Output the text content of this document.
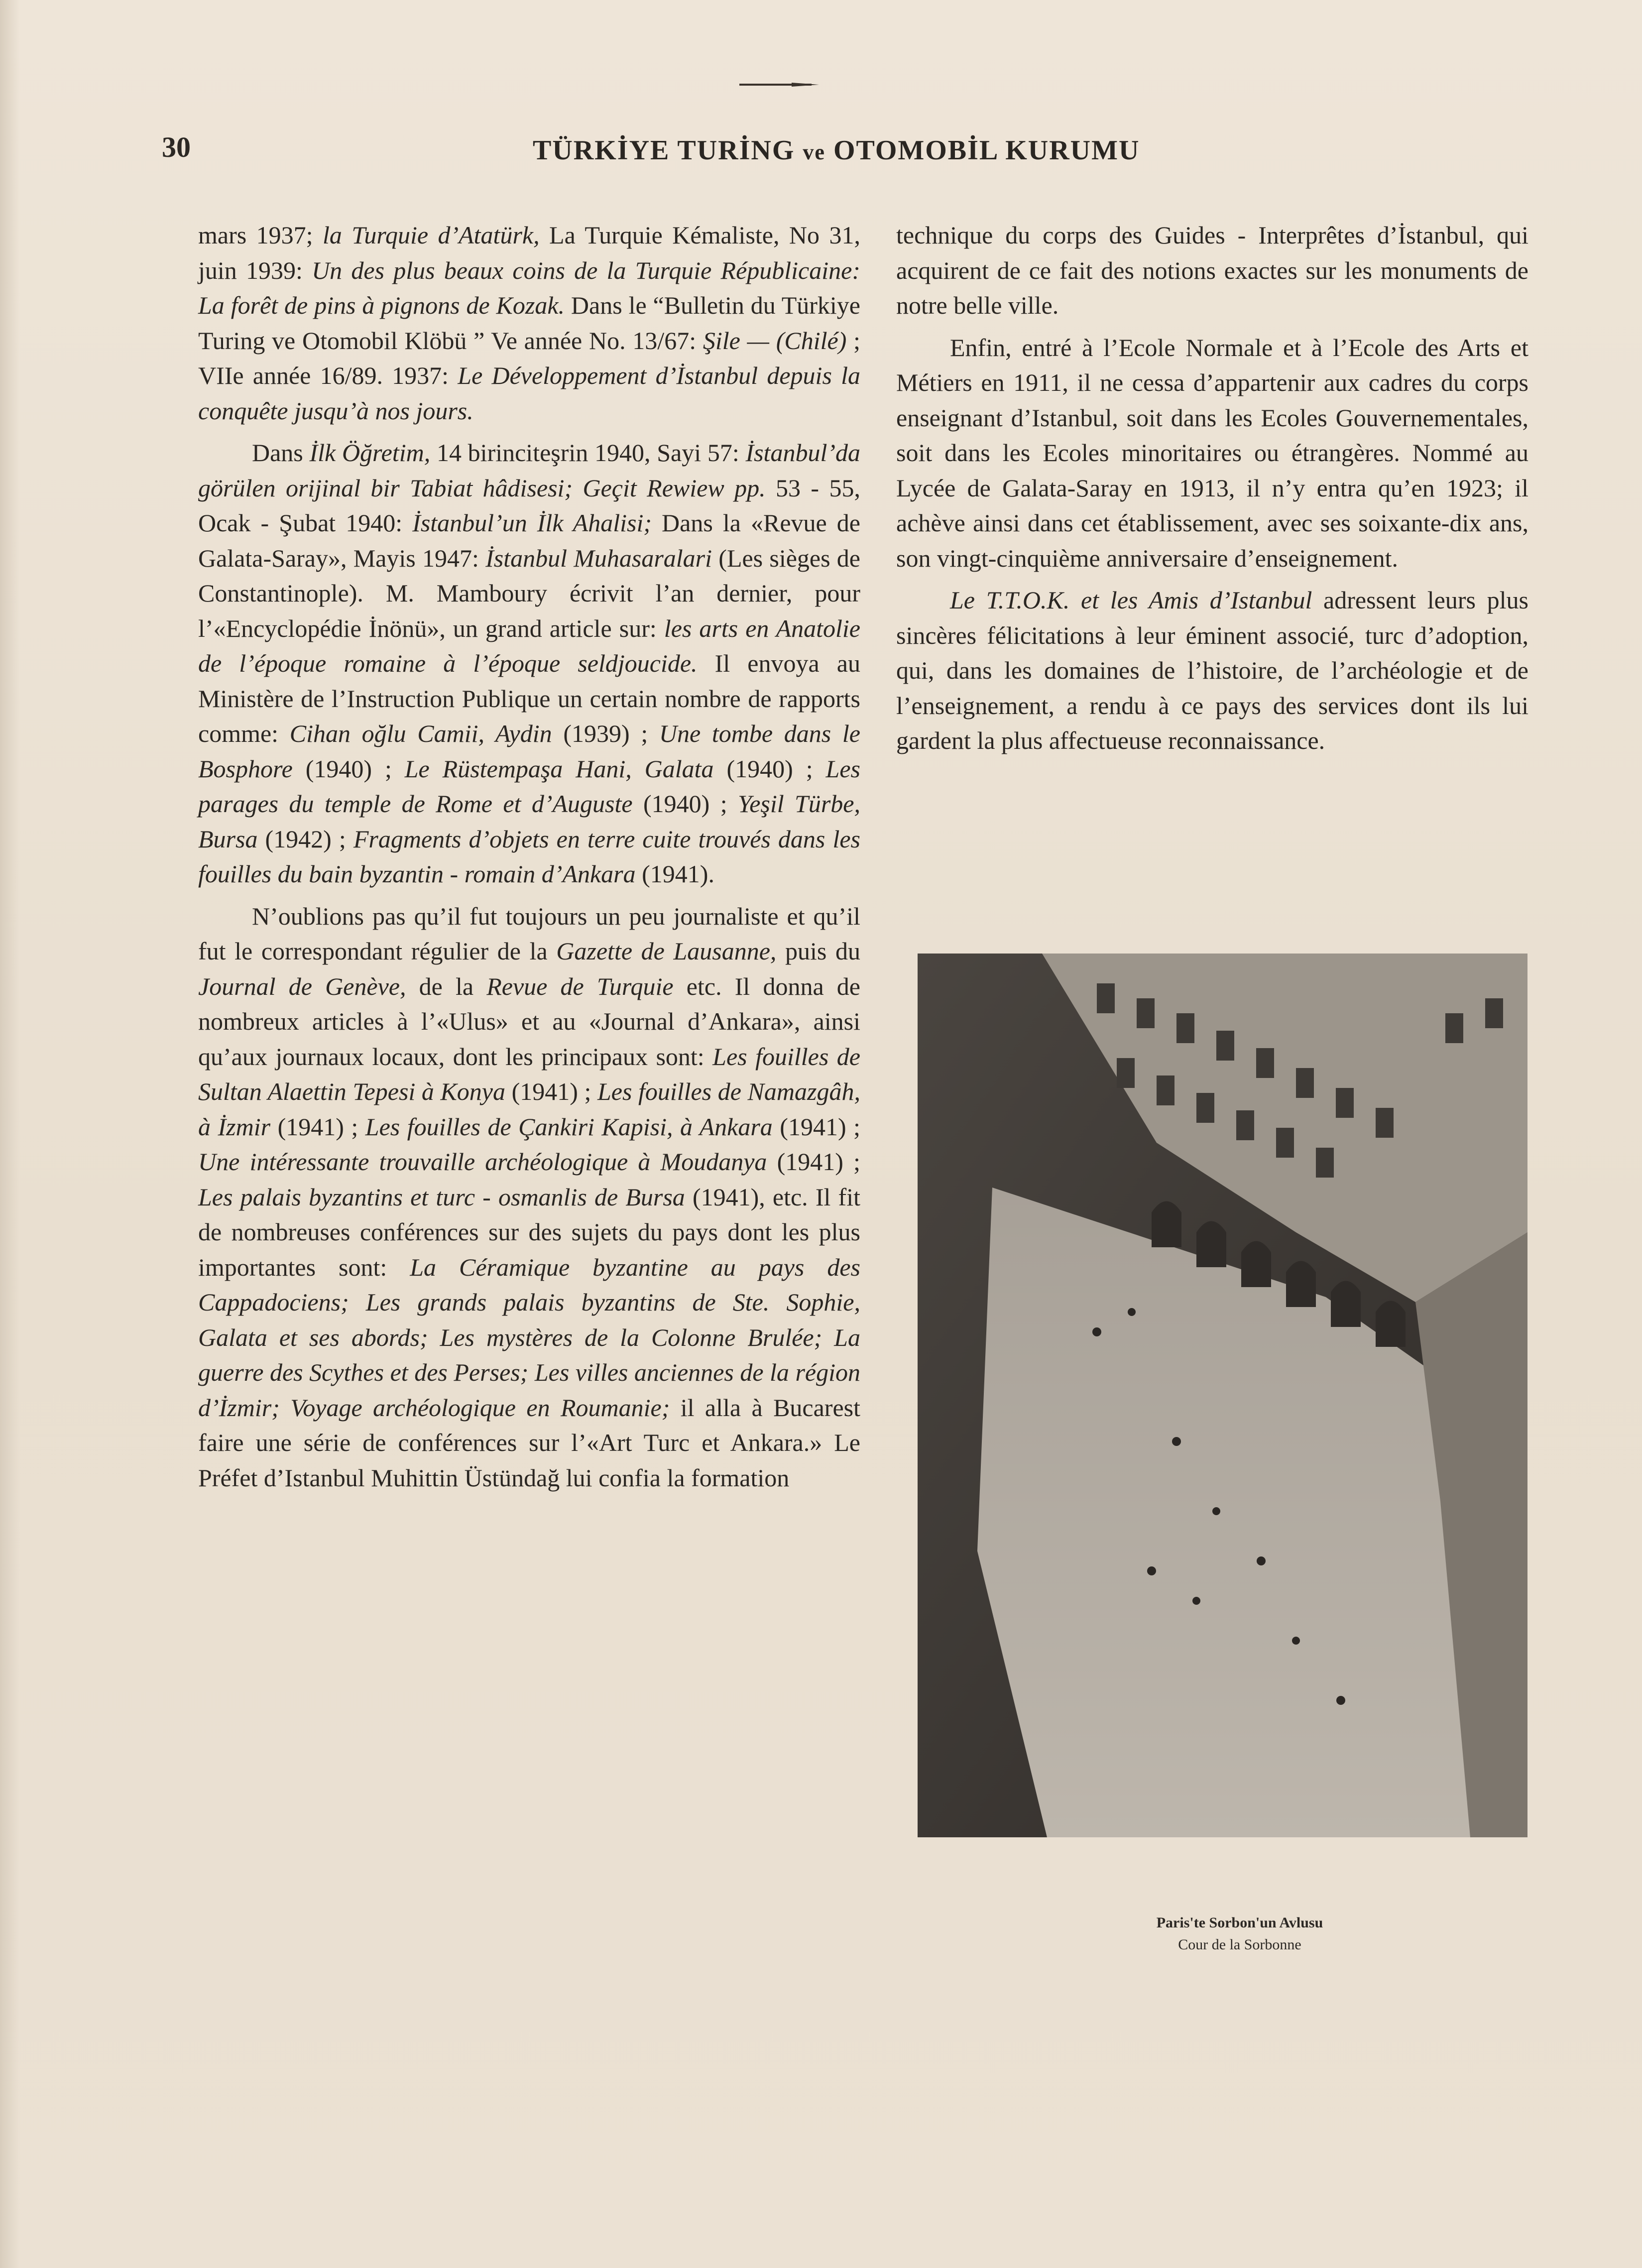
30	TÜRKİYE TURİNG ve OTOMOBİL KURUMU

mars 1937; la Turquie d’Atatürk, La Turquie Kémaliste, No 31, juin 1939: Un des plus beaux coins de la Turquie Républicaine: La forêt de pins à pignons de Kozak. Dans le “Bulletin du Türkiye Turing ve Otomobil Klöbü ” Ve année No. 13/67: Şile — (Chilé) ; VIIe année 16/89. 1937: Le Développement d’İstanbul depuis la conquête jusqu’à nos jours.

Dans İlk Öğretim, 14 birinciteşrin 1940, Sayi 57: İstanbul’da görülen orijinal bir Tabiat hâdisesi; Geçit Rewiew pp. 53 - 55, Ocak - Şubat 1940: İstanbul’un İlk Ahalisi; Dans la «Revue de Galata-Saray», Mayis 1947: İstanbul Muhasaralari (Les sièges de Constantinople). M. Mamboury écrivit l’an dernier, pour l’«Encyclopédie İnönü», un grand article sur: les arts en Anatolie de l’époque romaine à l’époque seldjoucide. Il envoya au Ministère de l’Instruction Publique un certain nombre de rapports comme: Cihan oğlu Camii, Aydin (1939) ; Une tombe dans le Bosphore (1940) ; Le Rüstempaşa Hani, Galata (1940) ; Les parages du temple de Rome et d’Auguste (1940) ; Yeşil Türbe, Bursa (1942) ; Fragments d’objets en terre cuite trouvés dans les fouilles du bain byzantin - romain d’Ankara (1941).

N’oublions pas qu’il fut toujours un peu journaliste et qu’il fut le correspondant régulier de la Gazette de Lausanne, puis du Journal de Genève, de la Revue de Turquie etc. Il donna de nombreux articles à l’«Ulus» et au «Journal d’Ankara», ainsi qu’aux journaux locaux, dont les principaux sont: Les fouilles de Sultan Alaettin Tepesi à Konya (1941) ; Les fouilles de Namazgâh, à İzmir (1941) ; Les fouilles de Çankiri Kapisi, à Ankara (1941) ; Une intéressante trouvaille archéologique à Moudanya (1941) ; Les palais byzantins et turc - osmanlis de Bursa (1941), etc. Il fit de nombreuses conférences sur des sujets du pays dont les plus importantes sont: La Céramique byzantine au pays des Cappadociens; Les grands palais byzantins de Ste. Sophie, Galata et ses abords; Les mystères de la Colonne Brulée; La guerre des Scythes et des Perses; Les villes anciennes de la région d’İzmir; Voyage archéologique en Roumanie; il alla à Bucarest faire une série de conférences sur l’«Art Turc et Ankara.» Le Préfet d’Istanbul Muhittin Üstündağ lui confia la formation

technique du corps des Guides - Interprêtes d’İstanbul, qui acquirent de ce fait des notions exactes sur les monuments de notre belle ville.

Enfin, entré à l’Ecole Normale et à l’Ecole des Arts et Métiers en 1911, il ne cessa d’appartenir aux cadres du corps enseignant d’Istanbul, soit dans les Ecoles Gouvernementales, soit dans les Ecoles minoritaires ou étrangères. Nommé au Lycée de Galata-Saray en 1913, il n’y entra qu’en 1923; il achève ainsi dans cet établissement, avec ses soixante-dix ans, son vingt-cinquième anniversaire d’enseignement.

Le T.T.O.K. et les Amis d’Istanbul adressent leurs plus sincères félicitations à leur éminent associé, turc d’adoption, qui, dans les domaines de l’histoire, de l’archéologie et de l’enseignement, a rendu à ce pays des services dont ils lui gardent la plus affectueuse reconnaissance.

Paris'te Sorbon'un Avlusu
Cour de la Sorbonne
